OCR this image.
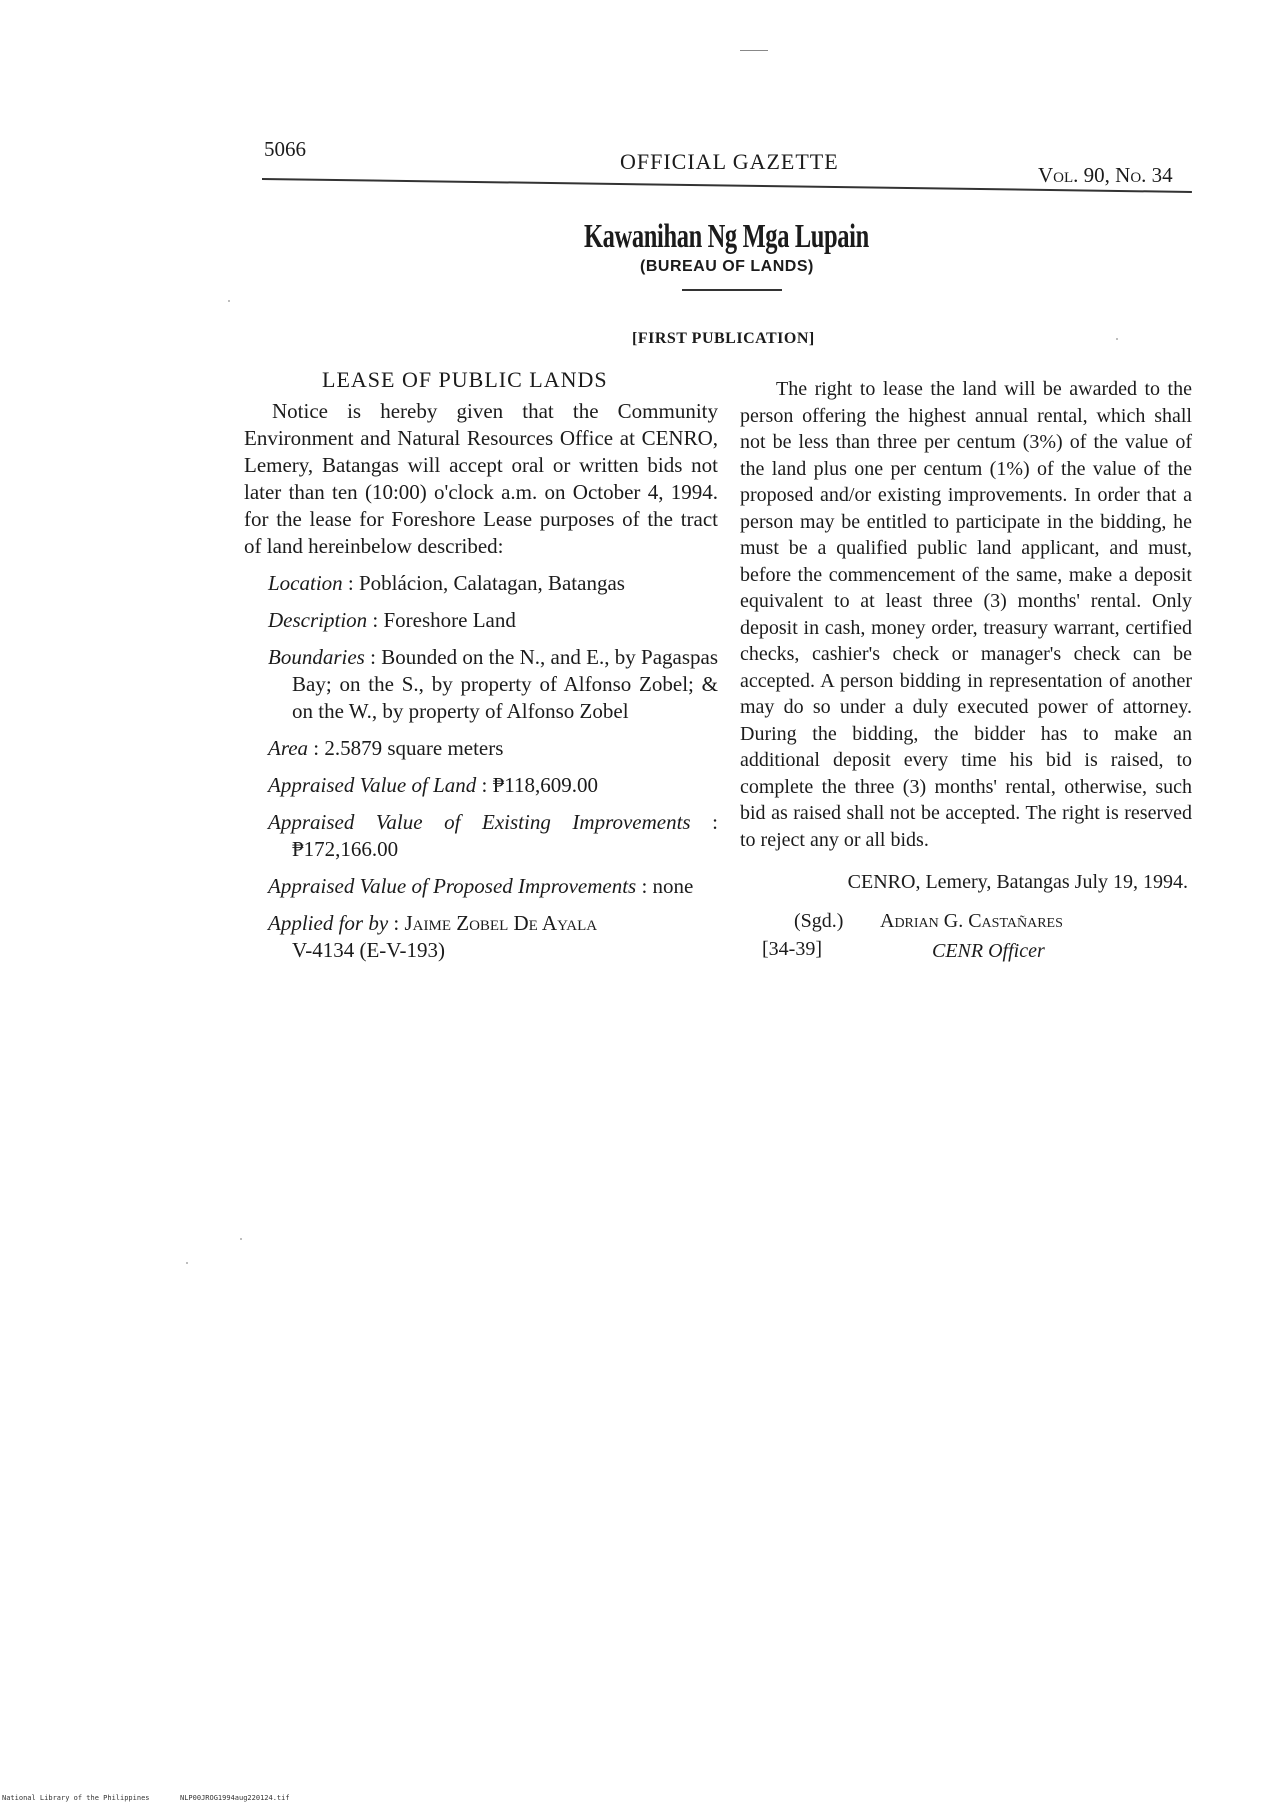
5066	OFFICIAL GAZETTE
Vol. 90, No. 34
Kawanihan Ng Mga Lupain
(BUREAU OF LANDS)
[FIRST PUBLICATION]
LEASE OF PUBLIC LANDS

Notice is hereby given that the Community Environment and Natural Resources Office at CENRO, Lemery, Batangas will accept oral or written bids not later than ten (10:00) o'clock a.m. on October 4, 1994. for the lease for Foreshore Lease purposes of the tract of land hereinbelow described:

Location : Poblácion, Calatagan, Batangas

Description : Foreshore Land

Boundaries : Bounded on the N., and E., by Pagaspas Bay; on the S., by property of Alfonso Zobel; & on the W., by property of Alfonso Zobel

Area : 2.5879 square meters

Appraised Value of Land : ₱118,609.00

Appraised Value of Existing Improvements : ₱172,166.00

Appraised Value of Proposed Improvements : none

Applied for by : Jaime Zobel De Ayala
V-4134 (E-V-193)

The right to lease the land will be awarded to the person offering the highest annual rental, which shall not be less than three per centum (3%) of the value of the land plus one per centum (1%) of the value of the proposed and/or existing improvements. In order that a person may be entitled to participate in the bidding, he must be a qualified public land applicant, and must, before the commencement of the same, make a deposit equivalent to at least three (3) months' rental. Only deposit in cash, money order, treasury warrant, certified checks, cashier's check or manager's check can be accepted. A person bidding in representation of another may do so under a duly executed power of attorney. During the bidding, the bidder has to make an additional deposit every time his bid is raised, to complete the three (3) months' rental, otherwise, such bid as raised shall not be accepted. The right is reserved to reject any or all bids.

CENRO, Lemery, Batangas July 19, 1994.
(Sgd.) Adrian G. Castañares
[34-39]	CENR Officer
National Library of the Philippines	NLP00JROG1994aug220124.tif
